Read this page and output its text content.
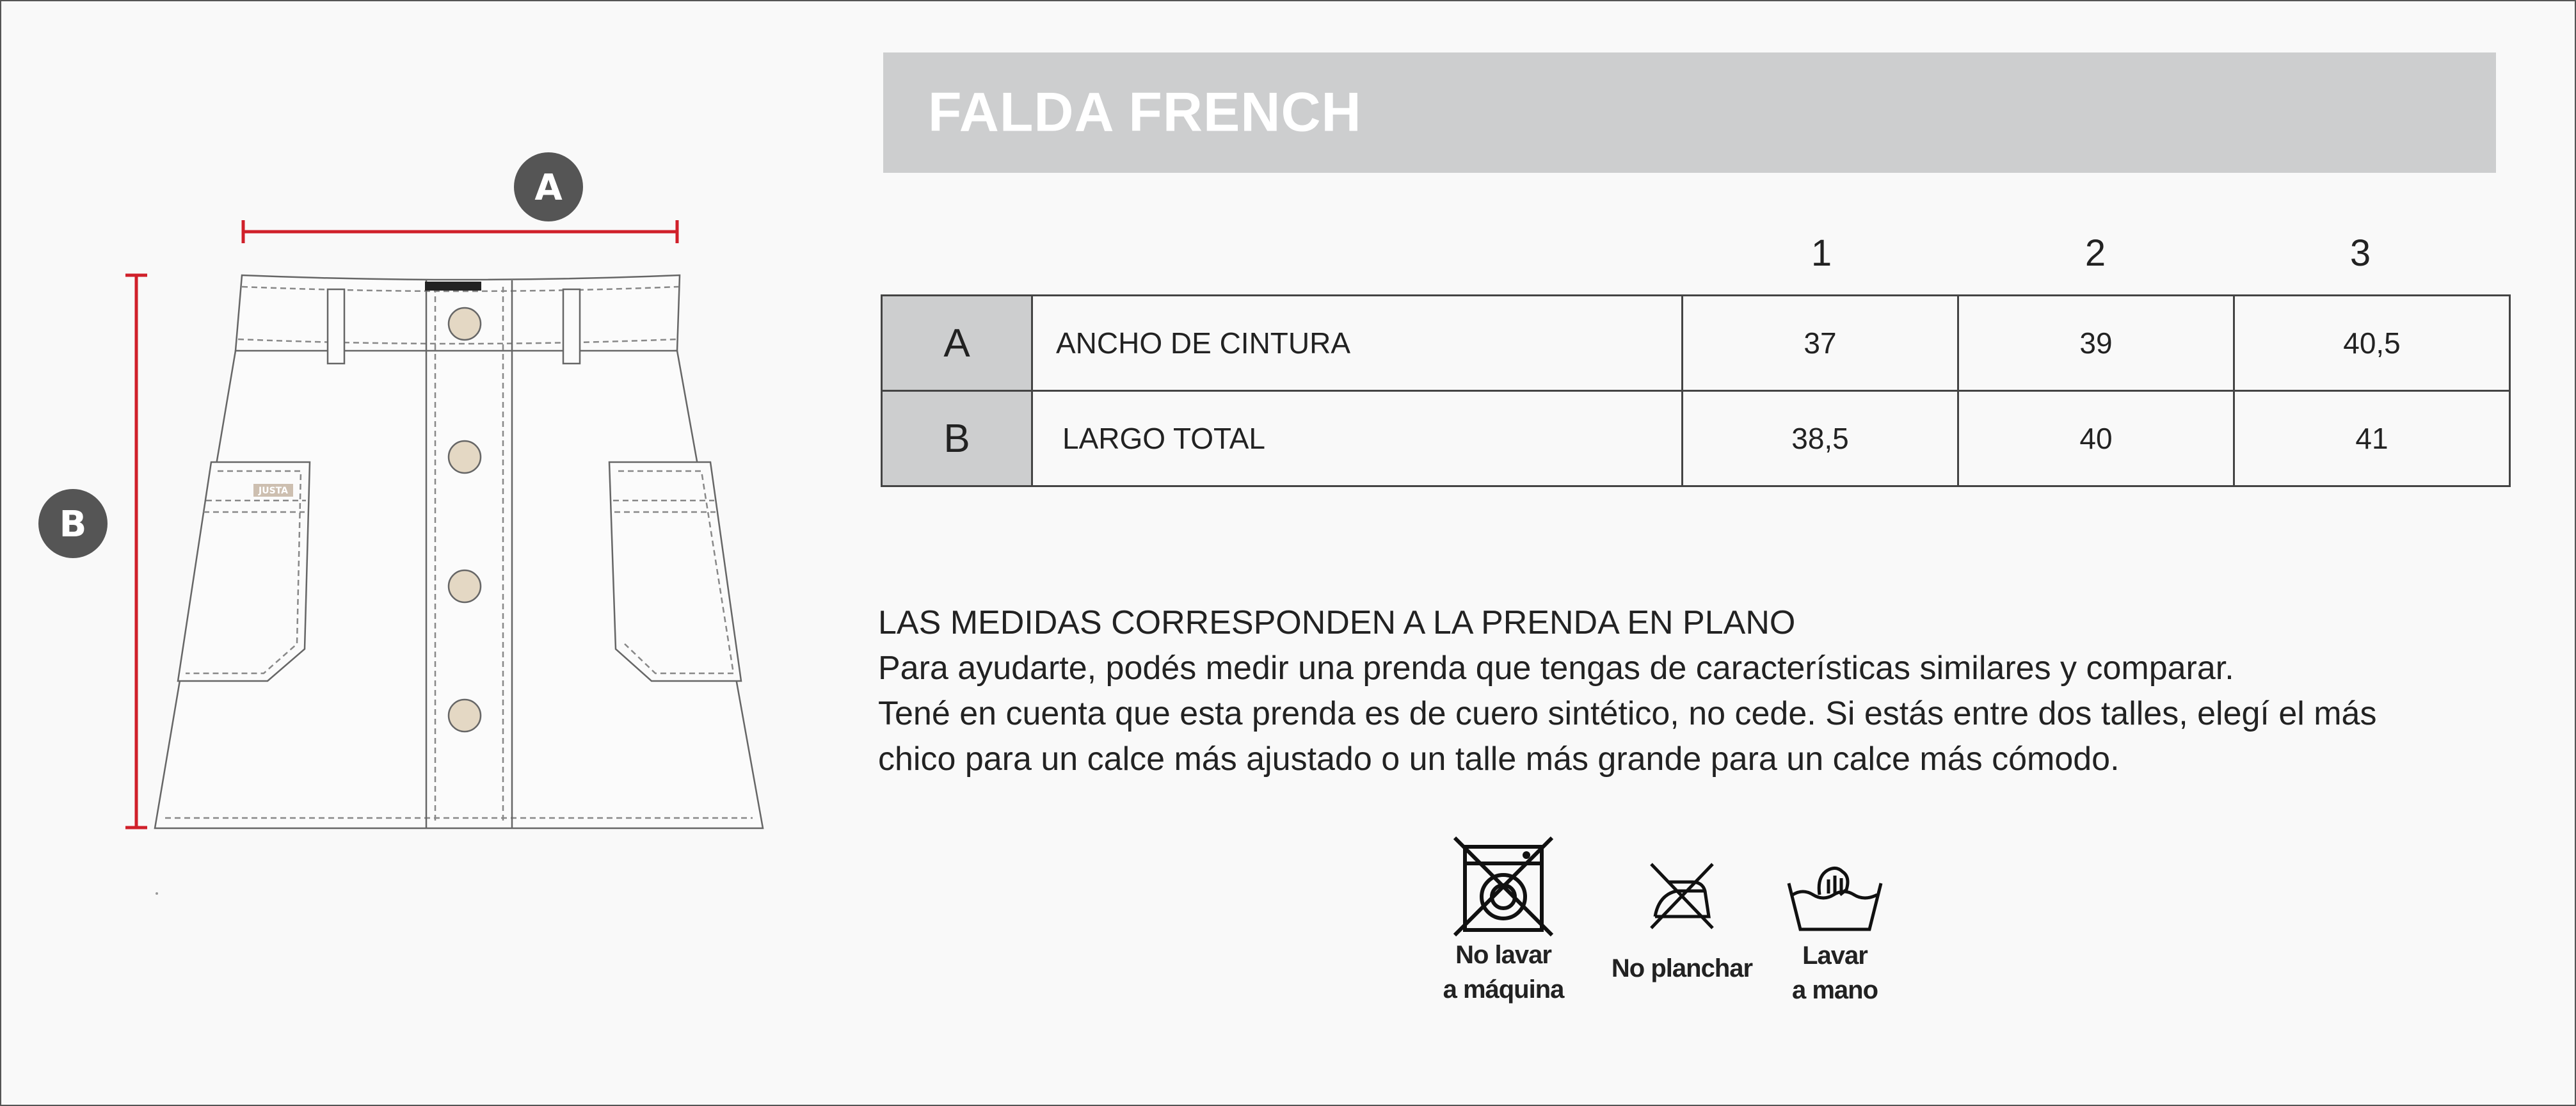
A
B
JUSTA
FALDA FRENCH
1	2	3
A	ANCHO DE CINTURA	37	39	40,5
B	LARGO TOTAL	38,5	40	41
LAS MEDIDAS CORRESPONDEN A LA PRENDA EN PLANO
Para ayudarte, podés medir una prenda que tengas de características similares y comparar.
Tené en cuenta que esta prenda es de cuero sintético, no cede. Si estás entre dos talles, elegí el más
chico para un calce más ajustado o un talle más grande para un calce más cómodo.
No lavar
a máquina
No planchar	Lavar
a mano
